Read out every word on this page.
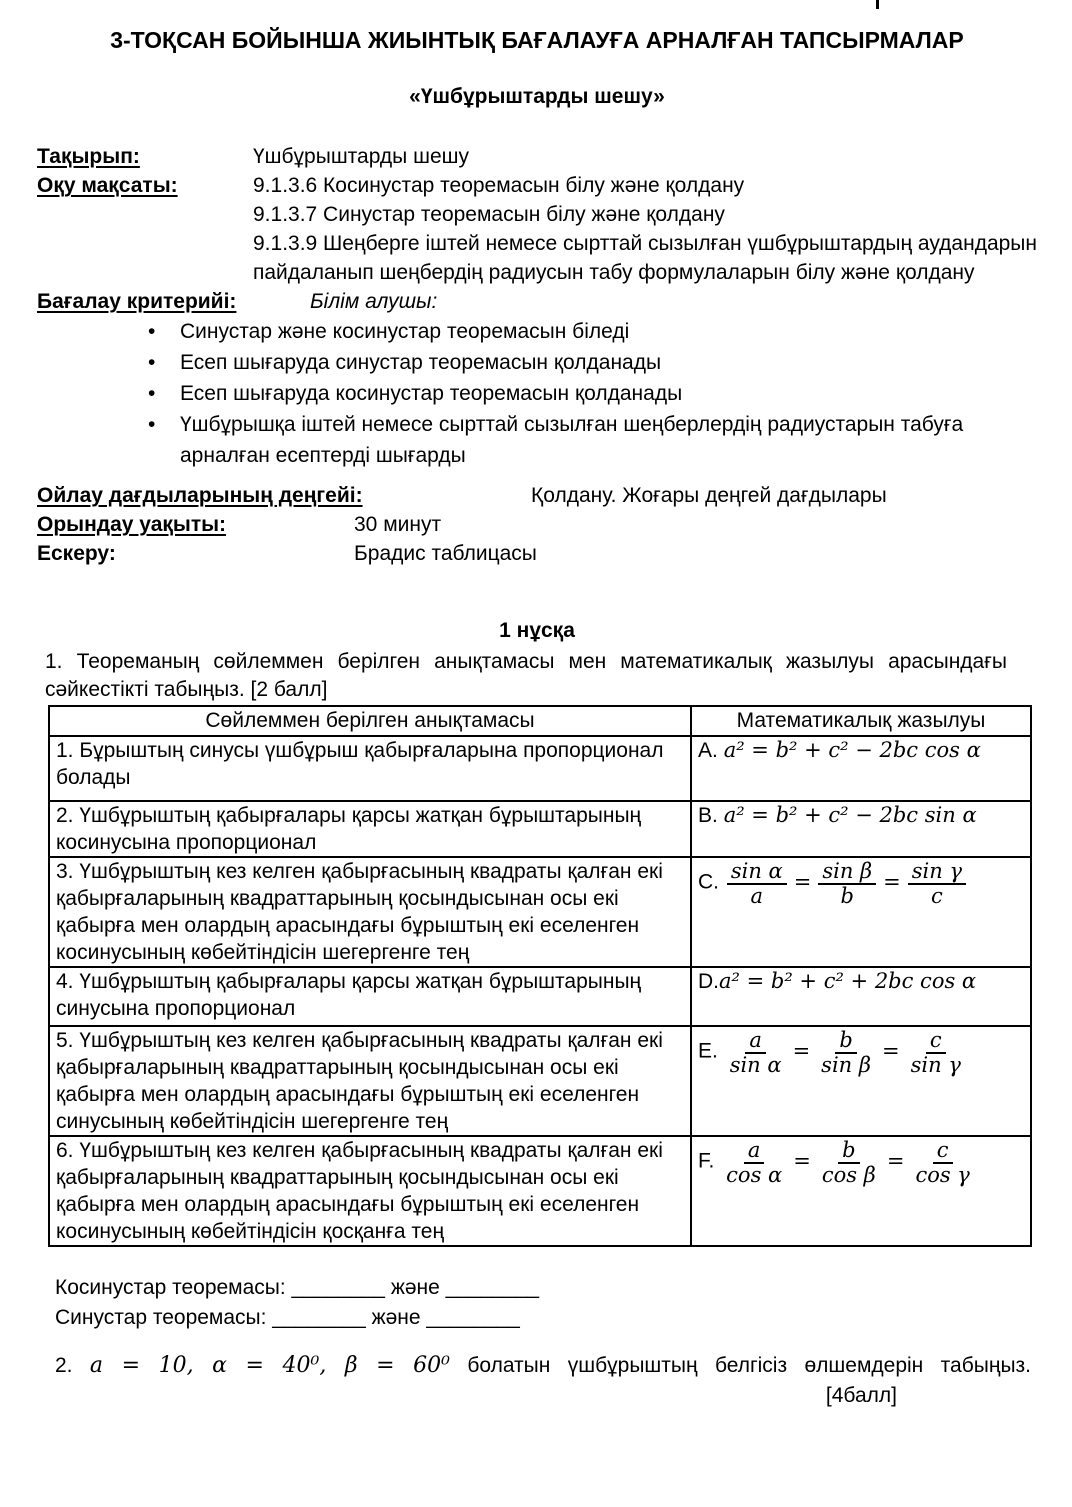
3-ТОҚСАН БОЙЫНША ЖИЫНТЫҚ БАҒАЛАУҒА АРНАЛҒАН ТАПСЫРМАЛАР
«Үшбұрыштарды шешу»
Тақырып:	Үшбұрыштарды шешу
Оқу мақсаты:	9.1.3.6 Косинустар теоремасын білу және қолдану
9.1.3.7 Синустар теоремасын білу және қолдану
9.1.3.9 Шеңберге іштей немесе сырттай сызылған үшбұрыштардың аудандарын пайдаланып шеңбердің радиусын табу формулаларын білу және қолдану
Бағалау критерийі:	Білім алушы:
•	Синустар және косинустар теоремасын біледі
•	Есеп шығаруда синустар теоремасын қолданады
•	Есеп шығаруда косинустар теоремасын қолданады
•	Үшбұрышқа іштей немесе сырттай сызылған шеңберлердің радиустарын табуға арналған есептерді шығарды
Ойлау дағдыларының деңгейі:	Қолдану. Жоғары деңгей дағдылары
Орындау уақыты:	30 минут
Ескеру:	Брадис таблицасы
1 нұсқа

1. Теореманың сөйлеммен берілген анықтамасы мен математикалық жазылуы арасындағы сәйкестікті табыңыз. [2 балл]

Сөйлеммен берілген анықтамасы	Математикалық жазылуы
1. Бұрыштың синусы үшбұрыш қабырғаларына пропорционал болады	A. a² = b² + c² − 2bc cos α
2. Үшбұрыштың қабырғалары қарсы жатқан бұрыштарының косинусына пропорционал	B. a² = b² + c² − 2bc sin α
3. Үшбұрыштың кез келген қабырғасының квадраты қалған екі қабырғаларының квадраттарының қосындысынан осы екі қабырға мен олардың арасындағы бұрыштың екі еселенген косинусының көбейтіндісін шегергенге тең	C. $\frac{\text{sin α}}{a} = \frac{\text{sin β}}{b} = \frac{\text{sin γ}}{c}$

4. Үшбұрыштың қабырғалары қарсы жатқан бұрыштарының синусына пропорционал	D.a² = b² + c² + 2bc cos α
5. Үшбұрыштың кез келген қабырғасының квадраты қалған екі қабырғаларының квадраттарының қосындысынан осы екі қабырға мен олардың арасындағы бұрыштың екі еселенген синусының көбейтіндісін шегергенге тең	E. $\frac{a}{\text{sin α}} = \frac{b}{\text{sin β}} = \frac{c}{\text{sin γ}}$

6. Үшбұрыштың кез келген қабырғасының квадраты қалған екі қабырғаларының квадраттарының қосындысынан осы екі қабырға мен олардың арасындағы бұрыштың екі еселенген косинусының көбейтіндісін қосқанға тең	F. $\frac{a}{\text{cos α}} = \frac{b}{\text{cos β}} = \frac{c}{\text{cos γ}}$
Косинустар теоремасы: ________ және ________
Синустар теоремасы: ________ және ________
2. a = 10, α = 40⁰, β = 60⁰ болатын үшбұрыштың белгісіз өлшемдерін табыңыз.
[4балл]
